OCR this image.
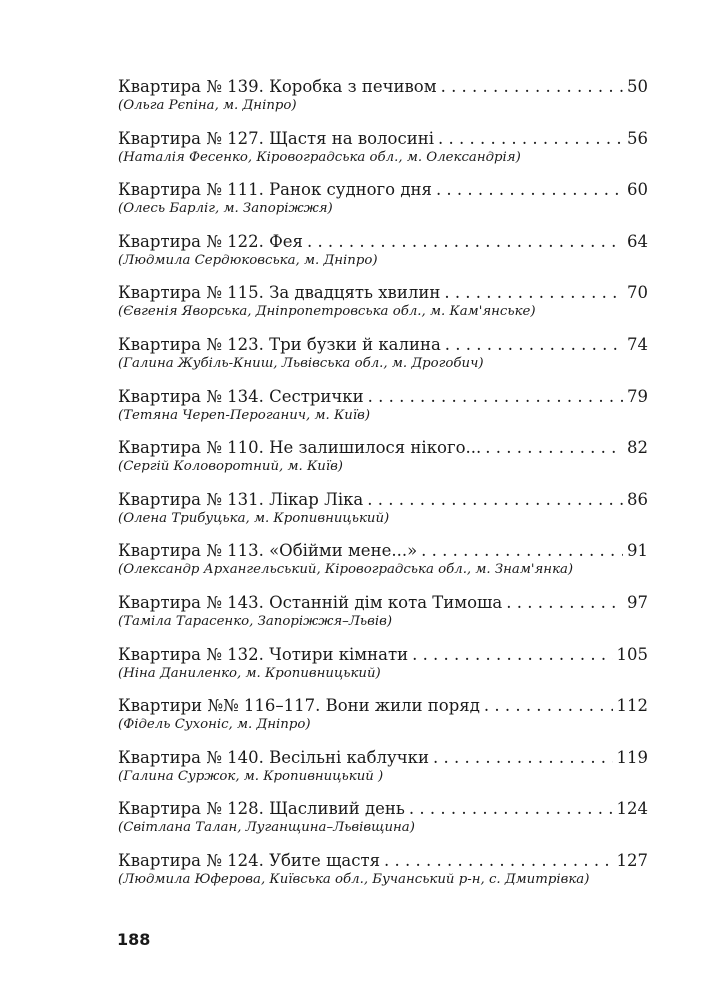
Квартира № 139. Коробка з печивом . . .	50
(Ольга Рєпіна, м. Дніпро)
Квартира № 127. Щастя на волосині . . .	56
(Наталія Фесенко, Кіровоградська обл., м. Олександрія)
Квартира № 111. Ранок судного дня . . .	60
(Олесь Барліг, м. Запоріжжя)
Квартира № 122. Фея . . .	64
(Людмила Сердюковська, м. Дніпро)
Квартира № 115. За двадцять хвилин . . .	70
(Євгенія Яворська, Дніпропетровська обл., м. Кам'янське)
Квартира № 123. Три бузки й калина . . .	74
(Галина Жубіль-Книш, Львівська обл., м. Дрогобич)
Квартира № 134. Сестрички . . .	79
(Тетяна Череп-Пероганич, м. Київ)
Квартира № 110. Не залишилося нікого... . . .	82
(Сергій Коловоротний, м. Київ)
Квартира № 131. Лікар Ліка . . .	86
(Олена Трибуцька, м. Кропивницький)
Квартира № 113. «Обійми мене...» . . .	91
(Олександр Архангельський, Кіровоградська обл., м. Знам'янка)
Квартира № 143. Останній дім кота Тимоша . . .	97
(Таміла Тарасенко, Запоріжжя–Львів)
Квартира № 132. Чотири кімнати . . .	105
(Ніна Даниленко, м. Кропивницький)
Квартири №№ 116–117. Вони жили поряд . . .	112
(Фідель Сухоніс, м. Дніпро)
Квартира № 140. Весільні каблучки . . .	119
(Галина Суржок, м. Кропивницький )
Квартира № 128. Щасливий день . . .	124
(Світлана Талан, Луганщина–Львівщина)
Квартира № 124. Убите щастя . . .	127
(Людмила Юферова, Київська обл., Бучанський р-н, с. Дмитрівка)
188
